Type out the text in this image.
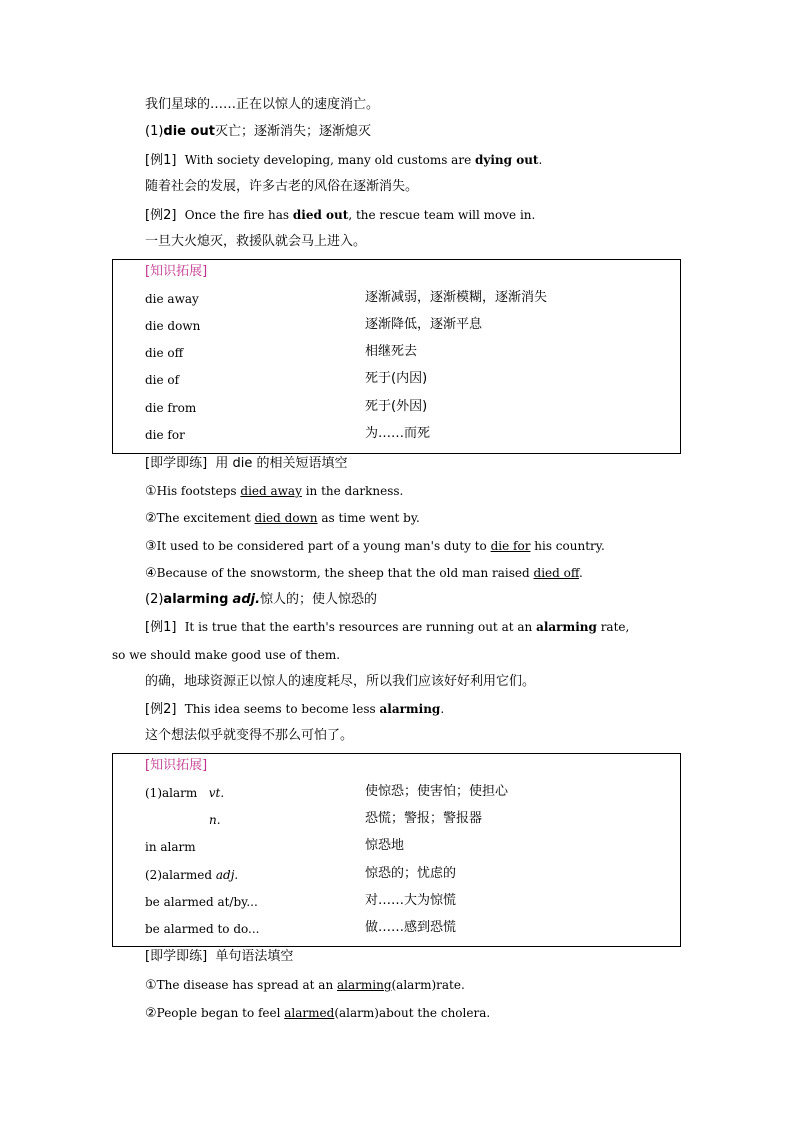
我们星球的……正在以惊人的速度消亡。
(1)die out灭亡；逐渐消失；逐渐熄灭
[例1] With society developing, many old customs are dying out.
随着社会的发展，许多古老的风俗在逐渐消失。
[例2] Once the fire has died out, the rescue team will move in.
一旦大火熄灭，救援队就会马上进入。
[知识拓展]
die away	逐渐减弱，逐渐模糊，逐渐消失
die down	逐渐降低，逐渐平息
die off	相继死去
die of	死于(内因)
die from	死于(外因)
die for	为……而死
[即学即练] 用 die 的相关短语填空
①His footsteps died away in the darkness.
②The excitement died down as time went by.
③It used to be considered part of a young man's duty to die for his country.
④Because of the snowstorm, the sheep that the old man raised died off.
(2)alarming adj.惊人的；使人惊恐的
[例1] It is true that the earth's resources are running out at an alarming rate,
so we should make good use of them.
的确，地球资源正以惊人的速度耗尽，所以我们应该好好利用它们。
[例2] This idea seems to become less alarming.
这个想法似乎就变得不那么可怕了。
[知识拓展]
(1)alarm vt.	使惊恐；使害怕；使担心
n.	恐慌；警报；警报器
in alarm	惊恐地
(2)alarmed adj.	惊恐的；忧虑的
be alarmed at/by...	对……大为惊慌
be alarmed to do...	做……感到恐慌
[即学即练] 单句语法填空
①The disease has spread at an alarming(alarm)rate.
②People began to feel alarmed(alarm)about the cholera.
